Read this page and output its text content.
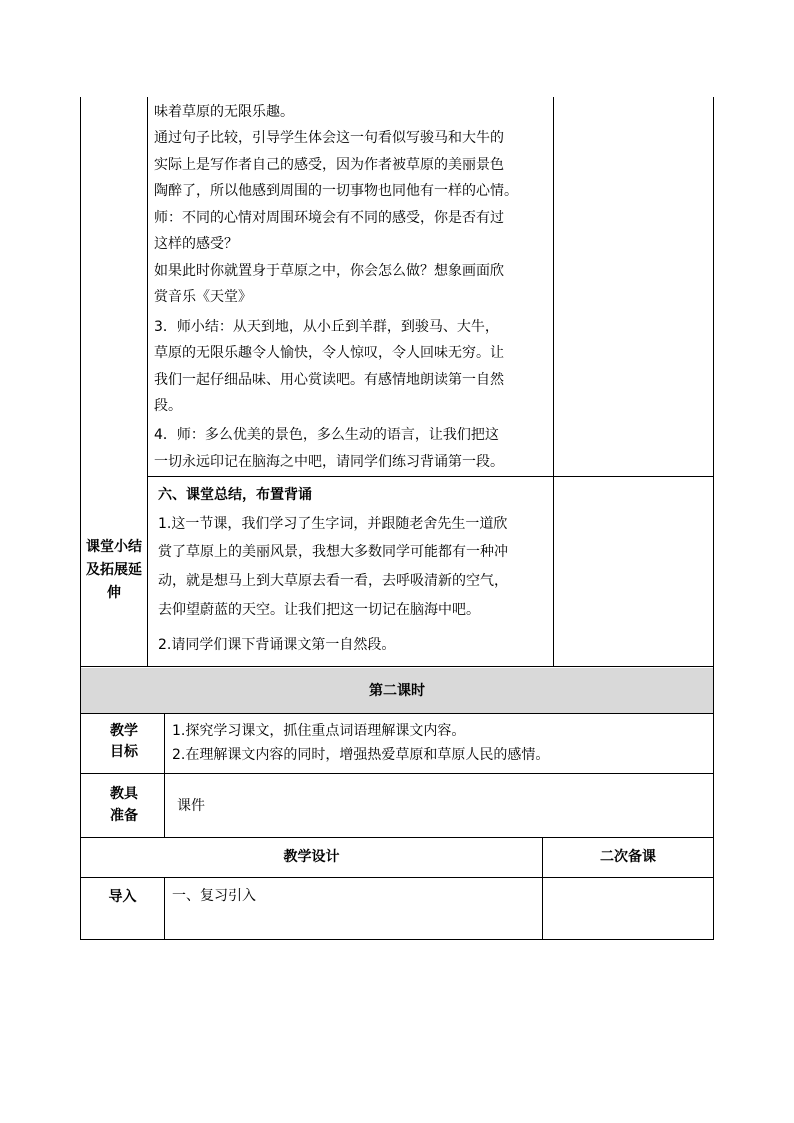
味着草原的无限乐趣。
通过句子比较，引导学生体会这一句看似写骏马和大牛的
实际上是写作者自己的感受，因为作者被草原的美丽景色
陶醉了，所以他感到周围的一切事物也同他有一样的心情。
师：不同的心情对周围环境会有不同的感受，你是否有过
这样的感受？
如果此时你就置身于草原之中，你会怎么做？想象画面欣
赏音乐《天堂》
3．师小结：从天到地，从小丘到羊群，到骏马、大牛，
草原的无限乐趣令人愉快，令人惊叹，令人回味无穷。让
我们一起仔细品味、用心赏读吧。有感情地朗读第一自然
段。
4．师：多么优美的景色，多么生动的语言，让我们把这
一切永远印记在脑海之中吧，请同学们练习背诵第一段。
课堂小结及拓展延伸
六、课堂总结，布置背诵
1.这一节课，我们学习了生字词，并跟随老舍先生一道欣
赏了草原上的美丽风景，我想大多数同学可能都有一种冲
动，就是想马上到大草原去看一看，去呼吸清新的空气，
去仰望蔚蓝的天空。让我们把这一切记在脑海中吧。
2.请同学们课下背诵课文第一自然段。
第二课时
教学目标
1.探究学习课文，抓住重点词语理解课文内容。
2.在理解课文内容的同时，增强热爱草原和草原人民的感情。
教具准备
课件
教学设计	二次备课
导入	一、复习引入
